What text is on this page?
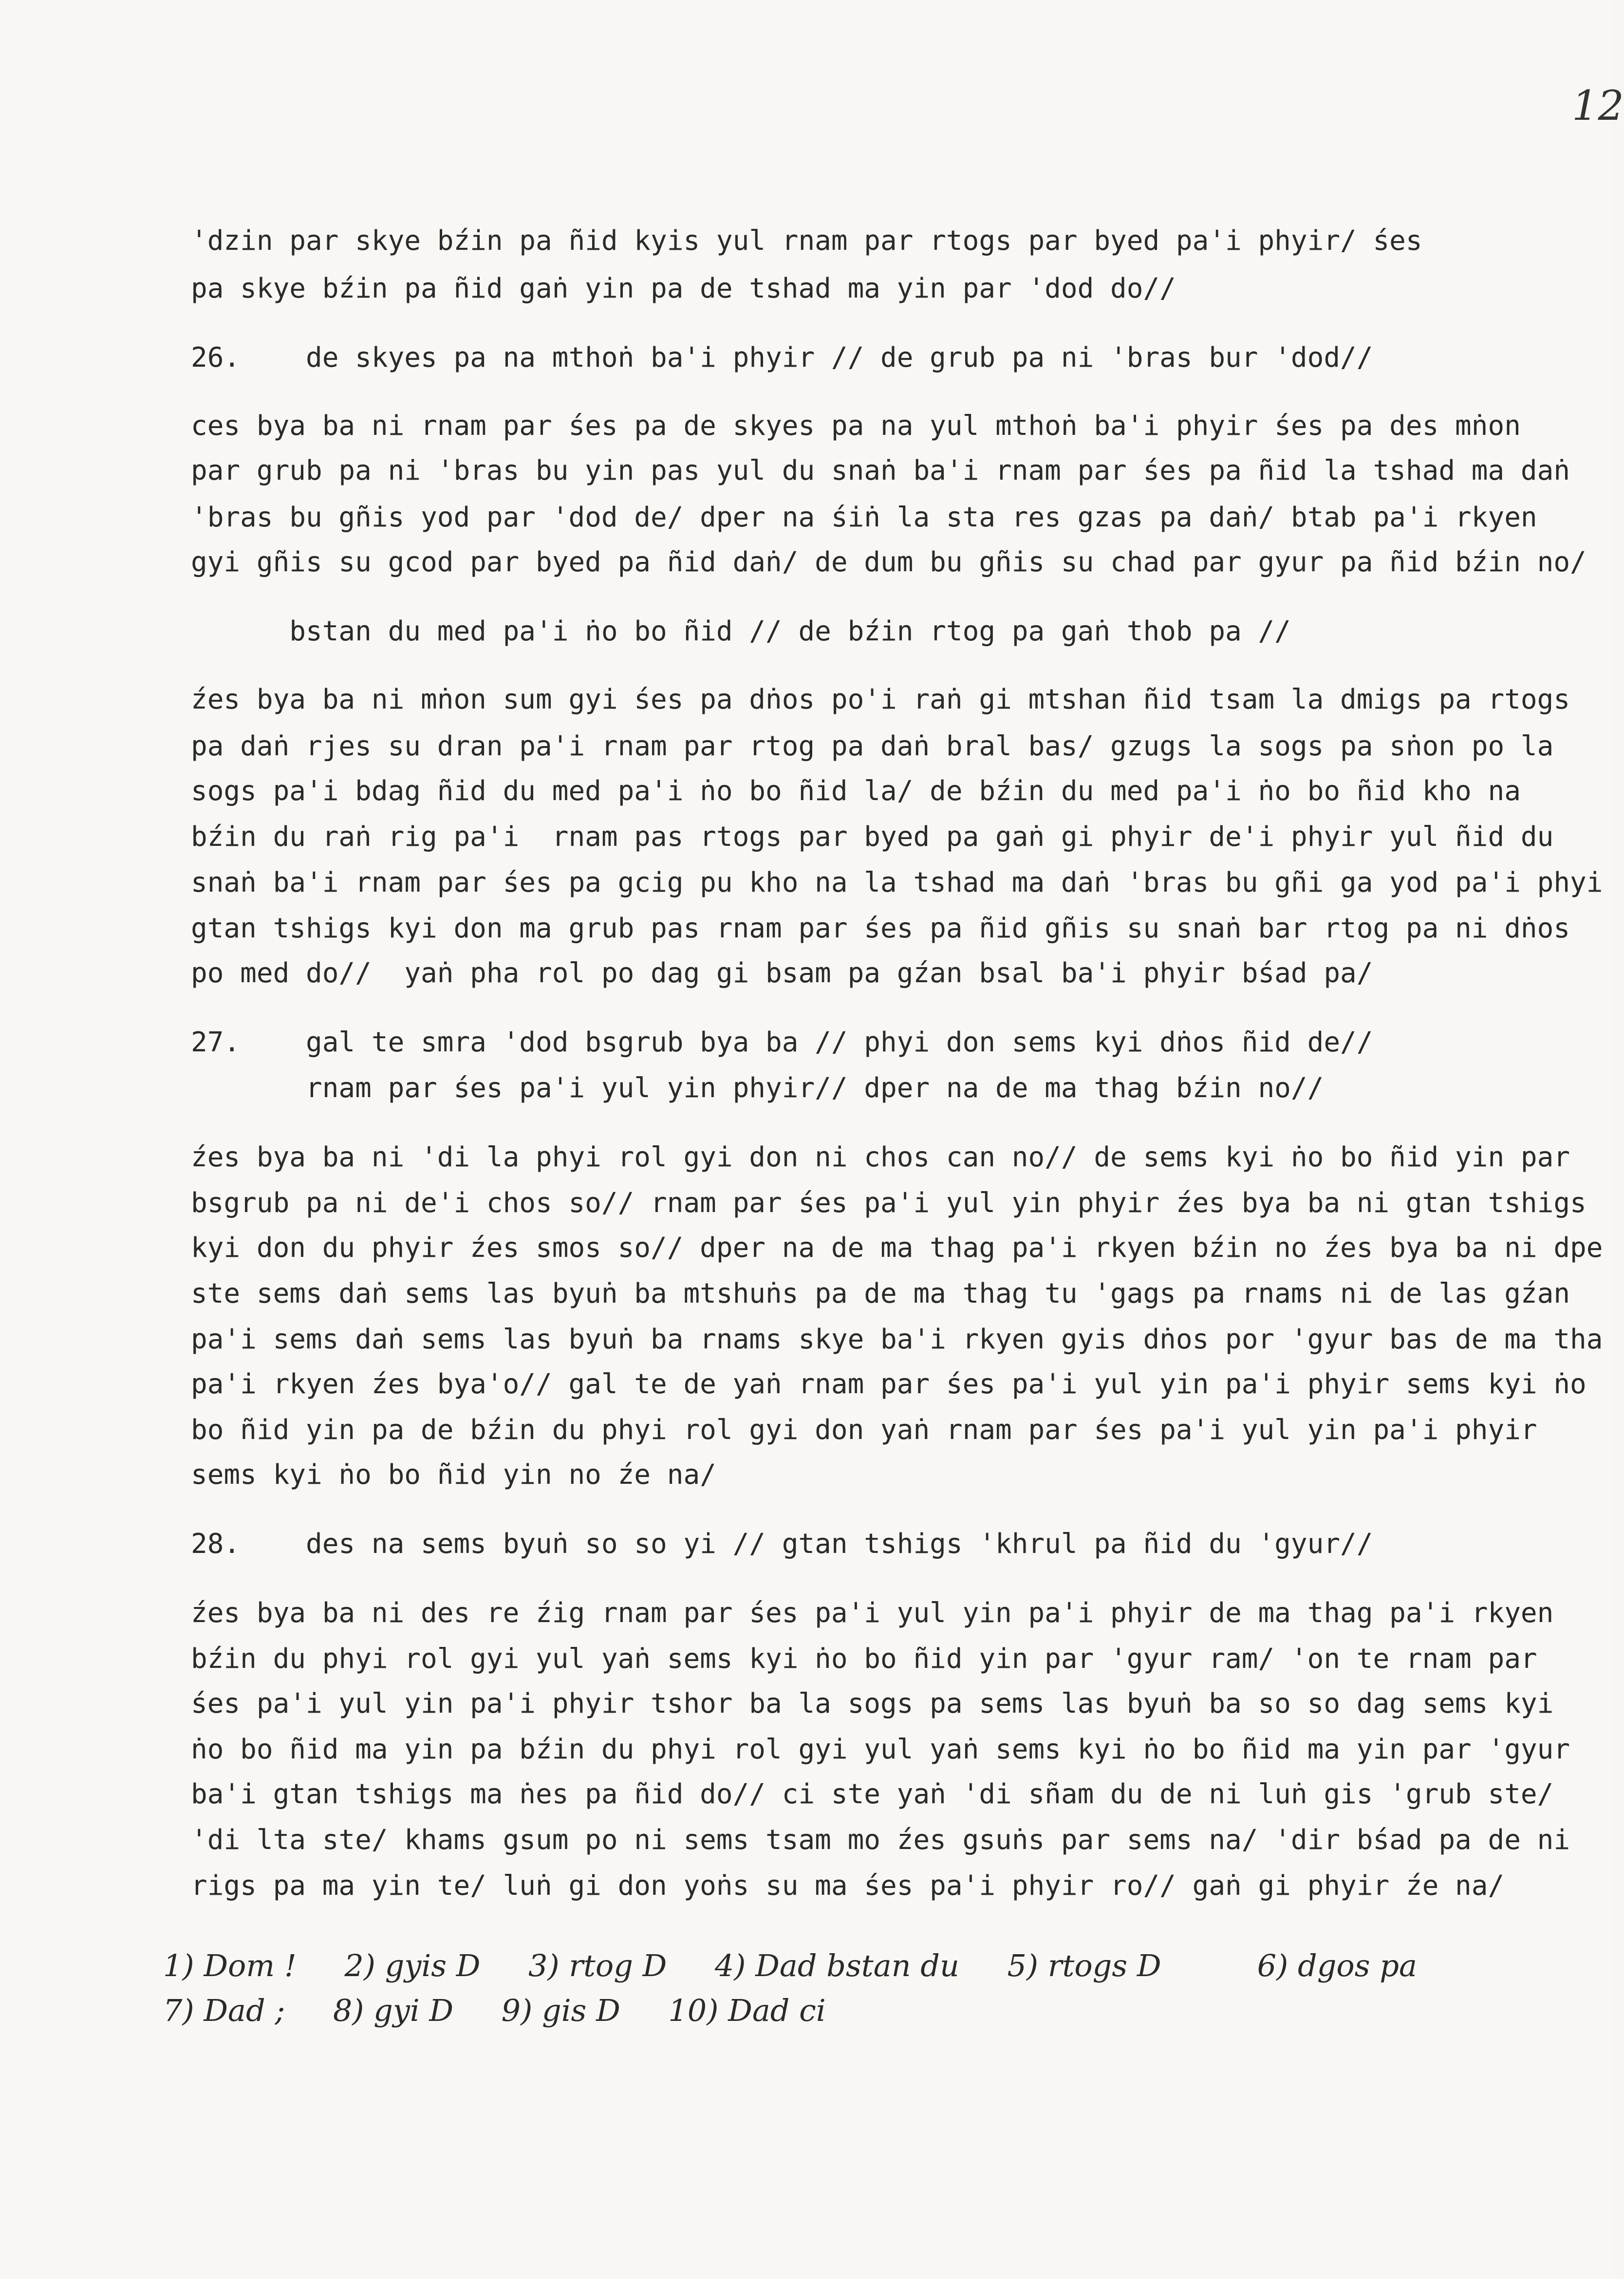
12
'dzin par skye bźin pa ñid kyis yul rnam par rtogs par byed pa'i phyir/ śes
pa skye bźin pa ñid gaṅ yin pa de tshad ma yin par 'dod do//
26.    de skyes pa na mthoṅ ba'i phyir // de grub pa ni 'bras bur 'dod//
ces bya ba ni rnam par śes pa de skyes pa na yul mthoṅ ba'i phyir śes pa des mṅon
par grub pa ni 'bras bu yin pas yul du snaṅ ba'i rnam par śes pa ñid la tshad ma daṅ
'bras bu gñis yod par 'dod de/ dper na śiṅ la sta res gzas pa daṅ/ btab pa'i rkyen
gyi gñis su gcod par byed pa ñid daṅ/ de dum bu gñis su chad par gyur pa ñid bźin no/
bstan du med pa'i ṅo bo ñid // de bźin rtog pa gaṅ thob pa //
źes bya ba ni mṅon sum gyi śes pa dṅos po'i raṅ gi mtshan ñid tsam la dmigs pa rtogs
pa daṅ rjes su dran pa'i rnam par rtog pa daṅ bral bas/ gzugs la sogs pa sṅon po la
sogs pa'i bdag ñid du med pa'i ṅo bo ñid la/ de bźin du med pa'i ṅo bo ñid kho na
bźin du raṅ rig pa'i  rnam pas rtogs par byed pa gaṅ gi phyir de'i phyir yul ñid du
snaṅ ba'i rnam par śes pa gcig pu kho na la tshad ma daṅ 'bras bu gñi ga yod pa'i phyi
gtan tshigs kyi don ma grub pas rnam par śes pa ñid gñis su snaṅ bar rtog pa ni dṅos
po med do//  yaṅ pha rol po dag gi bsam pa gźan bsal ba'i phyir bśad pa/
27.    gal te smra 'dod bsgrub bya ba // phyi don sems kyi dṅos ñid de//
rnam par śes pa'i yul yin phyir// dper na de ma thag bźin no//
źes bya ba ni 'di la phyi rol gyi don ni chos can no// de sems kyi ṅo bo ñid yin par
bsgrub pa ni de'i chos so// rnam par śes pa'i yul yin phyir źes bya ba ni gtan tshigs
kyi don du phyir źes smos so// dper na de ma thag pa'i rkyen bźin no źes bya ba ni dpe
ste sems daṅ sems las byuṅ ba mtshuṅs pa de ma thag tu 'gags pa rnams ni de las gźan
pa'i sems daṅ sems las byuṅ ba rnams skye ba'i rkyen gyis dṅos por 'gyur bas de ma tha
pa'i rkyen źes bya'o// gal te de yaṅ rnam par śes pa'i yul yin pa'i phyir sems kyi ṅo
bo ñid yin pa de bźin du phyi rol gyi don yaṅ rnam par śes pa'i yul yin pa'i phyir
sems kyi ṅo bo ñid yin no źe na/
28.    des na sems byuṅ so so yi // gtan tshigs 'khrul pa ñid du 'gyur//
źes bya ba ni des re źig rnam par śes pa'i yul yin pa'i phyir de ma thag pa'i rkyen
bźin du phyi rol gyi yul yaṅ sems kyi ṅo bo ñid yin par 'gyur ram/ 'on te rnam par
śes pa'i yul yin pa'i phyir tshor ba la sogs pa sems las byuṅ ba so so dag sems kyi
ṅo bo ñid ma yin pa bźin du phyi rol gyi yul yaṅ sems kyi ṅo bo ñid ma yin par 'gyur
ba'i gtan tshigs ma ṅes pa ñid do// ci ste yaṅ 'di sñam du de ni luṅ gis 'grub ste/
'di lta ste/ khams gsum po ni sems tsam mo źes gsuṅs par sems na/ 'dir bśad pa de ni
rigs pa ma yin te/ luṅ gi don yoṅs su ma śes pa'i phyir ro// gaṅ gi phyir źe na/
1) Dom !     2) gyis D     3) rtog D     4) Dad bstan du     5) rtogs D          6) dgos pa
7) Dad ;     8) gyi D     9) gis D     10) Dad ci
